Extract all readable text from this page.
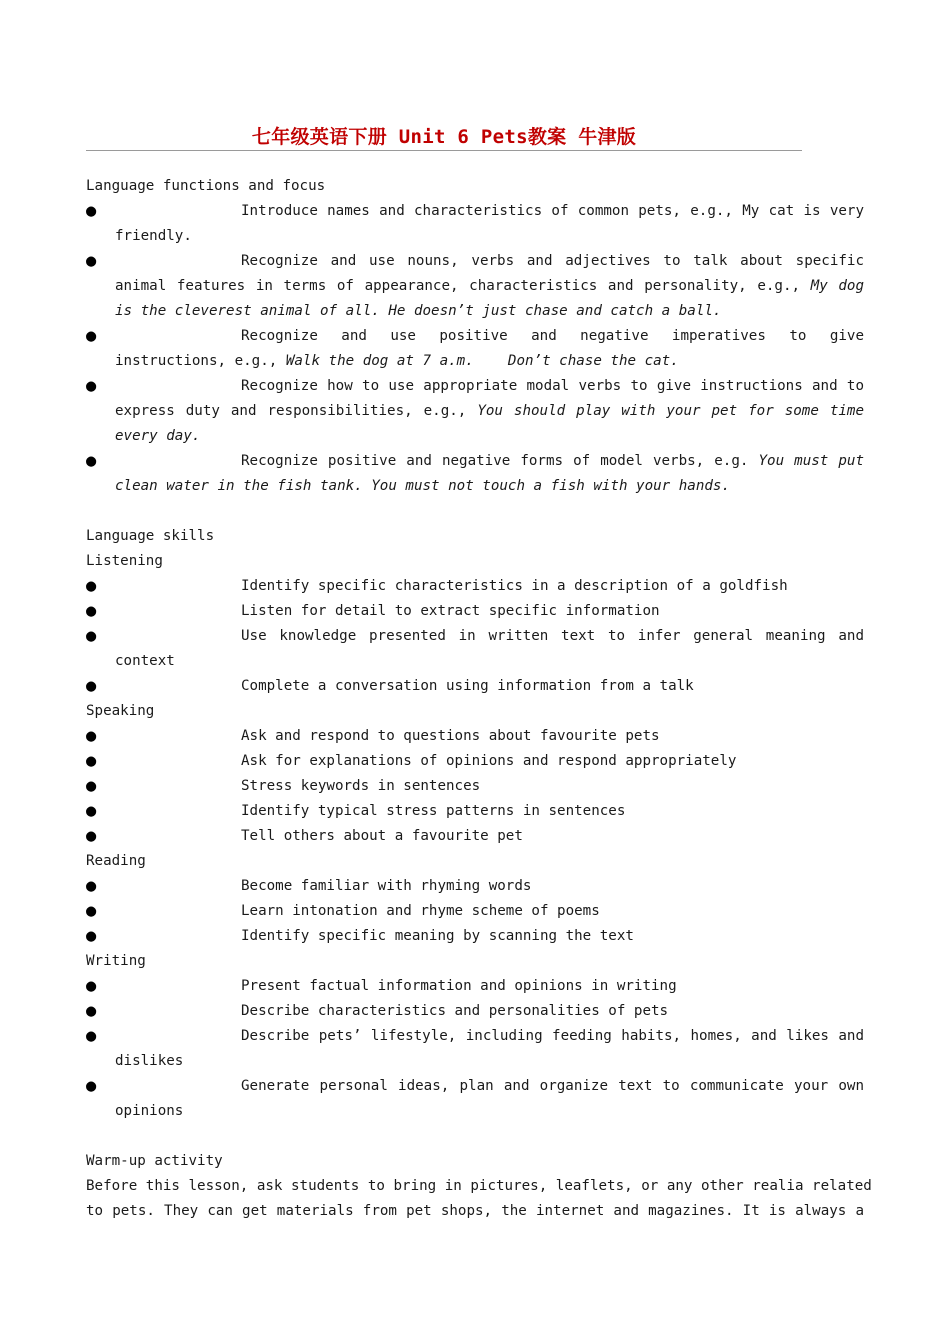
七年级英语下册 Unit 6 Pets教案 牛津版
Language functions and focus
●	Introduce names and characteristics of common pets, e.g., My cat is very friendly.
●	Recognize and use nouns, verbs and adjectives to talk about specific animal features in terms of appearance, characteristics and personality, e.g., My dog is the cleverest animal of all. He doesn’t just chase and catch a ball.
●	Recognize and use positive and negative imperatives to give instructions, e.g., Walk the dog at 7 a.m.    Don’t chase the cat.
●	Recognize how to use appropriate modal verbs to give instructions and to express duty and responsibilities, e.g., You should play with your pet for some time every day.
●	Recognize positive and negative forms of model verbs, e.g. You must put clean water in the fish tank. You must not touch a fish with your hands.
Language skills
Listening
●	Identify specific characteristics in a description of a goldfish
●	Listen for detail to extract specific information
●	Use knowledge presented in written text to infer general meaning and context
●	Complete a conversation using information from a talk
Speaking
●	Ask and respond to questions about favourite pets
●	Ask for explanations of opinions and respond appropriately
●	Stress keywords in sentences
●	Identify typical stress patterns in sentences
●	Tell others about a favourite pet
Reading
●	Become familiar with rhyming words
●	Learn intonation and rhyme scheme of poems
●	Identify specific meaning by scanning the text
Writing
●	Present factual information and opinions in writing
●	Describe characteristics and personalities of pets
●	Describe pets’ lifestyle, including feeding habits, homes, and likes and dislikes
●	Generate personal ideas, plan and organize text to communicate your own opinions
Warm-up activity
Before this lesson, ask students to bring in pictures, leaflets, or any other realia related
to pets. They can get materials from pet shops, the internet and magazines. It is always a
